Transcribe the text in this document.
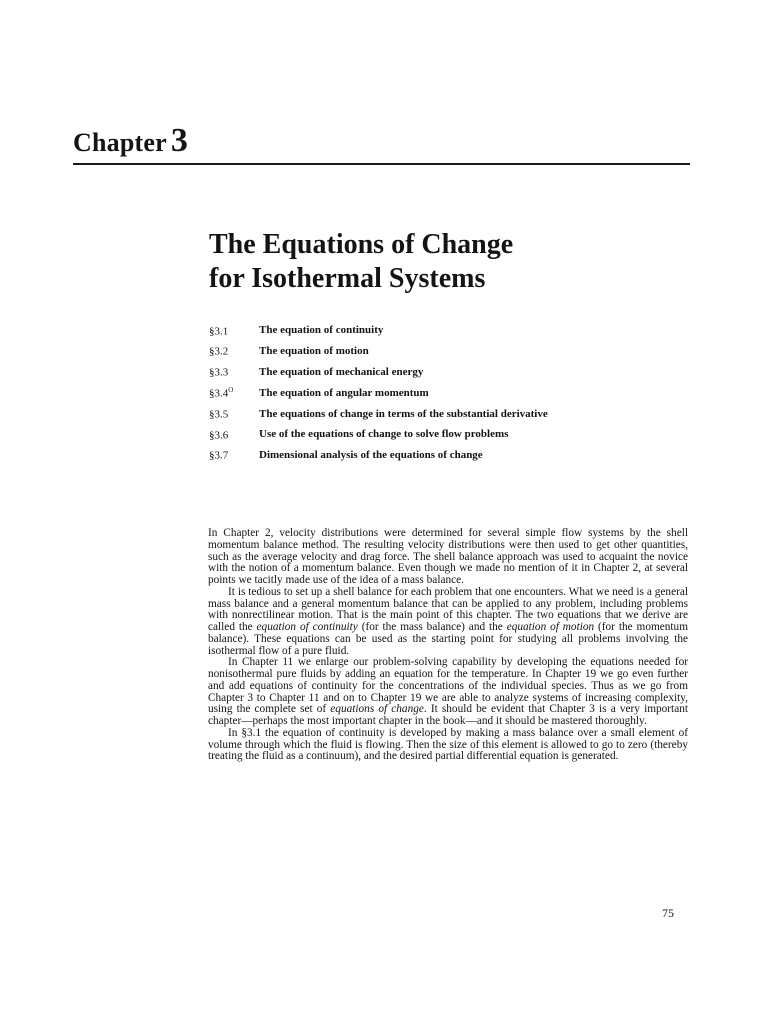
Chapter 3
The Equations of Change
for Isothermal Systems
§3.1	The equation of continuity
§3.2	The equation of motion
§3.3	The equation of mechanical energy
$\S 3.4^O$	The equation of angular momentum
§3.5	The equations of change in terms of the substantial derivative
§3.6	Use of the equations of change to solve flow problems
§3.7	Dimensional analysis of the equations of change

In Chapter 2, velocity distributions were determined for several simple flow systems by the shell momentum balance method. The resulting velocity distributions were then used to get other quantities, such as the average velocity and drag force. The shell balance approach was used to acquaint the novice with the notion of a momentum balance. Even though we made no mention of it in Chapter 2, at several points we tacitly made use of the idea of a mass balance.

It is tedious to set up a shell balance for each problem that one encounters. What we need is a general mass balance and a general momentum balance that can be applied to any problem, including problems with nonrectilinear motion. That is the main point of this chapter. The two equations that we derive are called the equation of continuity (for the mass balance) and the equation of motion (for the momentum balance). These equations can be used as the starting point for studying all problems involving the isothermal flow of a pure fluid.

In Chapter 11 we enlarge our problem-solving capability by developing the equations needed for nonisothermal pure fluids by adding an equation for the temperature. In Chapter 19 we go even further and add equations of continuity for the concentrations of the individual species. Thus as we go from Chapter 3 to Chapter 11 and on to Chapter 19 we are able to analyze systems of increasing complexity, using the complete set of equations of change. It should be evident that Chapter 3 is a very important chapter—perhaps the most important chapter in the book—and it should be mastered thoroughly.

In §3.1 the equation of continuity is developed by making a mass balance over a small element of volume through which the fluid is flowing. Then the size of this element is allowed to go to zero (thereby treating the fluid as a continuum), and the desired partial differential equation is generated.

75
